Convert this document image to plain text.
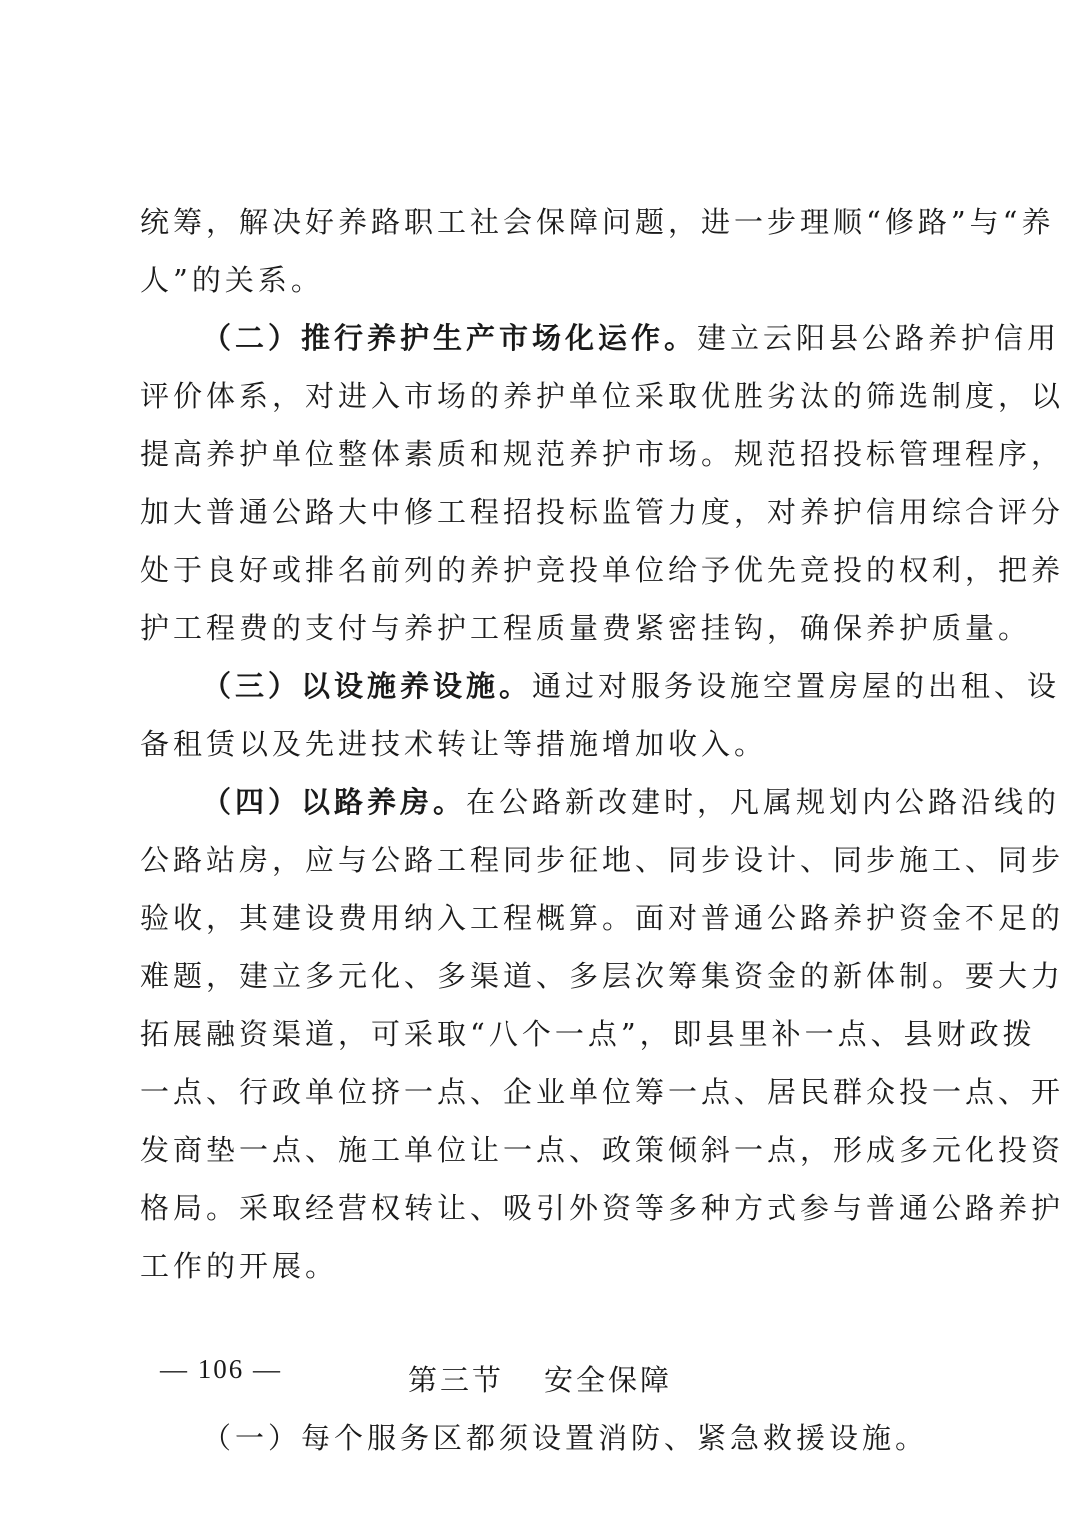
统筹，解决好养路职工社会保障问题，进一步理顺“修路”与“养
人”的关系。
（二）推行养护生产市场化运作。建立云阳县公路养护信用
评价体系，对进入市场的养护单位采取优胜劣汰的筛选制度，以
提高养护单位整体素质和规范养护市场。规范招投标管理程序，
加大普通公路大中修工程招投标监管力度，对养护信用综合评分
处于良好或排名前列的养护竞投单位给予优先竞投的权利，把养
护工程费的支付与养护工程质量费紧密挂钩，确保养护质量。
（三）以设施养设施。通过对服务设施空置房屋的出租、设
备租赁以及先进技术转让等措施增加收入。
（四）以路养房。在公路新改建时，凡属规划内公路沿线的
公路站房，应与公路工程同步征地、同步设计、同步施工、同步
验收，其建设费用纳入工程概算。面对普通公路养护资金不足的
难题，建立多元化、多渠道、多层次筹集资金的新体制。要大力
拓展融资渠道，可采取“八个一点”，即县里补一点、县财政拨
一点、行政单位挤一点、企业单位筹一点、居民群众投一点、开
发商垫一点、施工单位让一点、政策倾斜一点，形成多元化投资
格局。采取经营权转让、吸引外资等多种方式参与普通公路养护
工作的开展。
第三节 安全保障
（一）每个服务区都须设置消防、紧急救援设施。
— 106 —
